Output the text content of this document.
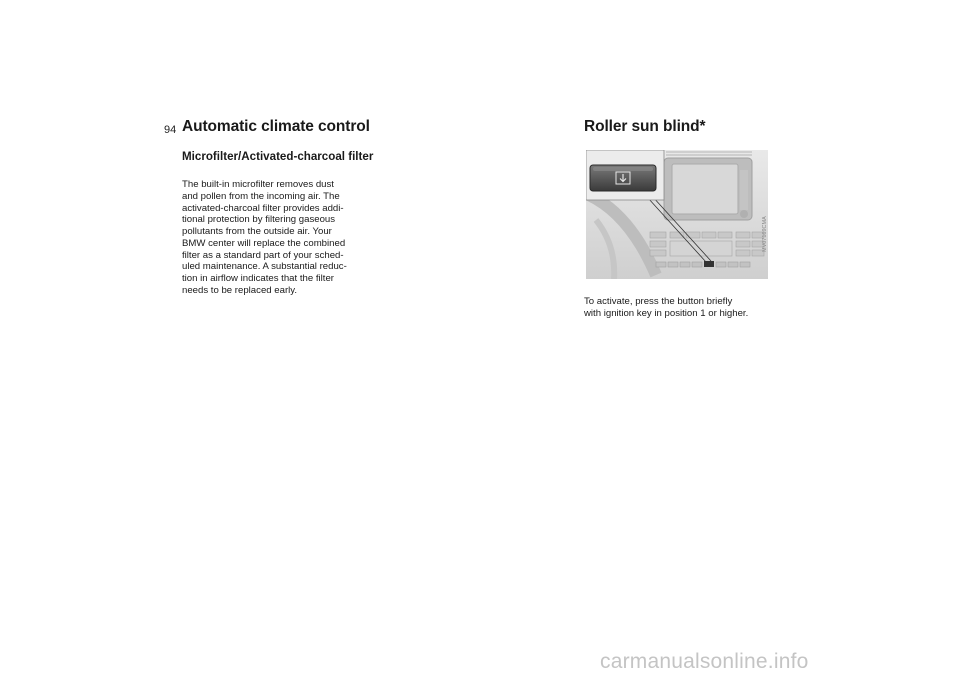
94 Automatic climate control
Microfilter/Activated-charcoal filter

The built-in microfilter removes dust
and pollen from the incoming air. The
activated-charcoal filter provides addi-
tional protection by filtering gaseous
pollutants from the outside air. Your
BMW center will replace the combined
filter as a standard part of your sched-
uled maintenance. A substantial reduc-
tion in airflow indicates that the filter
needs to be replaced early.

Roller sun blind*
MV07169CMA

To activate, press the button briefly
with ignition key in position 1 or higher.

carmanualsonline.info
